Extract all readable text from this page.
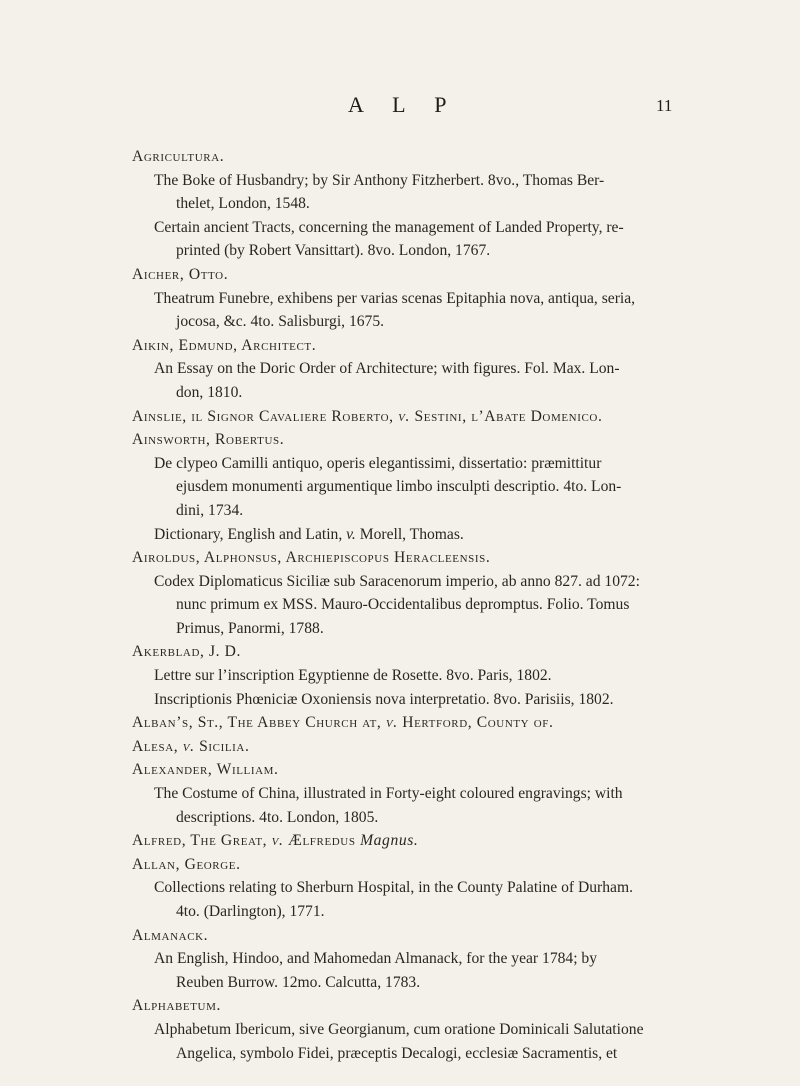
A L P	11
Agricultura.
The Boke of Husbandry; by Sir Anthony Fitzherbert. 8vo., Thomas Ber-
thelet, London, 1548.
Certain ancient Tracts, concerning the management of Landed Property, re-
printed (by Robert Vansittart). 8vo. London, 1767.
Aicher, Otto.
Theatrum Funebre, exhibens per varias scenas Epitaphia nova, antiqua, seria,
jocosa, &c. 4to. Salisburgi, 1675.
Aikin, Edmund, Architect.
An Essay on the Doric Order of Architecture; with figures. Fol. Max. Lon-
don, 1810.
Ainslie, il Signor Cavaliere Roberto, v. Sestini, l’Abate Domenico.
Ainsworth, Robertus.
De clypeo Camilli antiquo, operis elegantissimi, dissertatio: præmittitur
ejusdem monumenti argumentique limbo insculpti descriptio. 4to. Lon-
dini, 1734.
Dictionary, English and Latin, v. Morell, Thomas.
Airoldus, Alphonsus, Archiepiscopus Heracleensis.
Codex Diplomaticus Siciliæ sub Saracenorum imperio, ab anno 827. ad 1072:
nunc primum ex MSS. Mauro-Occidentalibus depromptus. Folio. Tomus
Primus, Panormi, 1788.
Akerblad, J. D.
Lettre sur l’inscription Egyptienne de Rosette. 8vo. Paris, 1802.
Inscriptionis Phœniciæ Oxoniensis nova interpretatio. 8vo. Parisiis, 1802.
Alban’s, St., The Abbey Church at, v. Hertford, County of.
Alesa, v. Sicilia.
Alexander, William.
The Costume of China, illustrated in Forty-eight coloured engravings; with
descriptions. 4to. London, 1805.
Alfred, The Great, v. Ælfredus Magnus.
Allan, George.
Collections relating to Sherburn Hospital, in the County Palatine of Durham.
4to. (Darlington), 1771.
Almanack.
An English, Hindoo, and Mahomedan Almanack, for the year 1784; by
Reuben Burrow. 12mo. Calcutta, 1783.
Alphabetum.
Alphabetum Ibericum, sive Georgianum, cum oratione Dominicali Salutatione
Angelica, symbolo Fidei, præceptis Decalogi, ecclesiæ Sacramentis, et
